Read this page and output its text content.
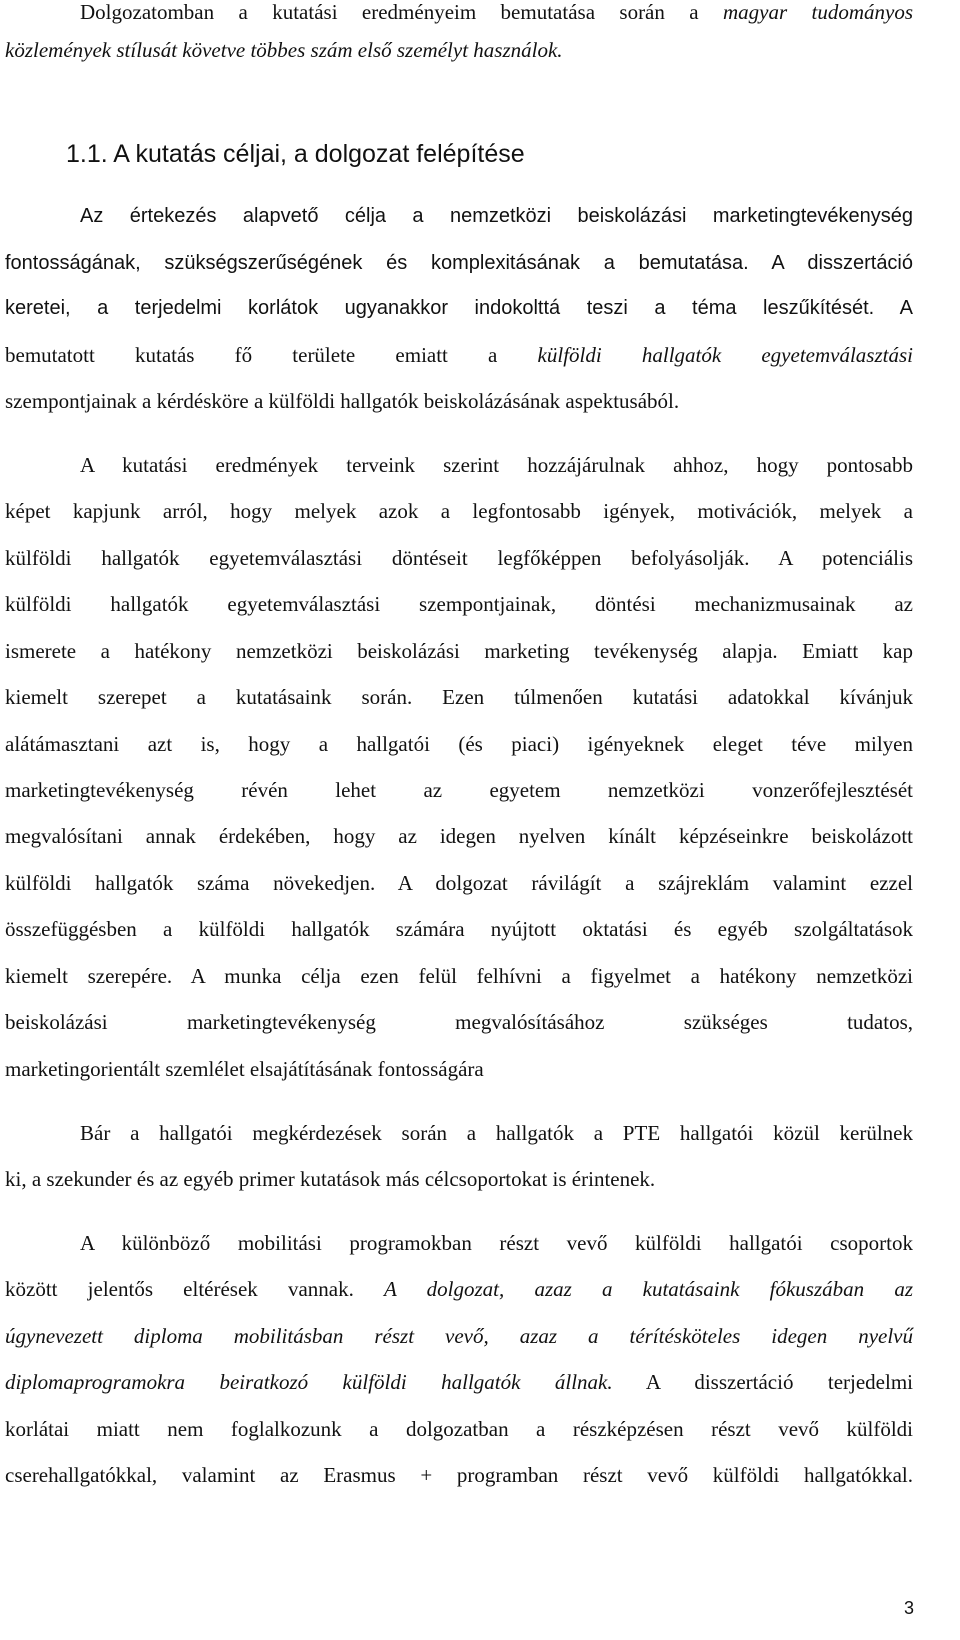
Dolgozatomban a kutatási eredményeim bemutatása során a magyar tudományos
közlemények stílusát követve többes szám első személyt használok.
1.1. A kutatás céljai, a dolgozat felépítése
Az értekezés alapvető célja a nemzetközi beiskolázási marketingtevékenység
fontosságának, szükségszerűségének és komplexitásának a bemutatása. A disszertáció
keretei, a terjedelmi korlátok ugyanakkor indokolttá teszi a téma leszűkítését. A
bemutatott kutatás fő területe emiatt a külföldi hallgatók egyetemválasztási
szempontjainak a kérdésköre a külföldi hallgatók beiskolázásának aspektusából.
A kutatási eredmények terveink szerint hozzájárulnak ahhoz, hogy pontosabb
képet kapjunk arról, hogy melyek azok a legfontosabb igények, motivációk, melyek a
külföldi hallgatók egyetemválasztási döntéseit legfőképpen befolyásolják. A potenciális
külföldi hallgatók egyetemválasztási szempontjainak, döntési mechanizmusainak az
ismerete a hatékony nemzetközi beiskolázási marketing tevékenység alapja. Emiatt kap
kiemelt szerepet a kutatásaink során. Ezen túlmenően kutatási adatokkal kívánjuk
alátámasztani azt is, hogy a hallgatói (és piaci) igényeknek eleget téve milyen
marketingtevékenység révén lehet az egyetem nemzetközi vonzerőfejlesztését
megvalósítani annak érdekében, hogy az idegen nyelven kínált képzéseinkre beiskolázott
külföldi hallgatók száma növekedjen. A dolgozat rávilágít a szájreklám valamint ezzel
összefüggésben a külföldi hallgatók számára nyújtott oktatási és egyéb szolgáltatások
kiemelt szerepére. A munka célja ezen felül felhívni a figyelmet a hatékony nemzetközi
beiskolázási marketingtevékenység megvalósításához szükséges tudatos,
marketingorientált szemlélet elsajátításának fontosságára
Bár a hallgatói megkérdezések során a hallgatók a PTE hallgatói közül kerülnek
ki, a szekunder és az egyéb primer kutatások más célcsoportokat is érintenek.
A különböző mobilitási programokban részt vevő külföldi hallgatói csoportok
között jelentős eltérések vannak. A dolgozat, azaz a kutatásaink fókuszában az
úgynevezett diploma mobilitásban részt vevő, azaz a térítésköteles idegen nyelvű
diplomaprogramokra beiratkozó külföldi hallgatók állnak. A disszertáció terjedelmi
korlátai miatt nem foglalkozunk a dolgozatban a részképzésen részt vevő külföldi
cserehallgatókkal, valamint az Erasmus + programban részt vevő külföldi hallgatókkal.
3
